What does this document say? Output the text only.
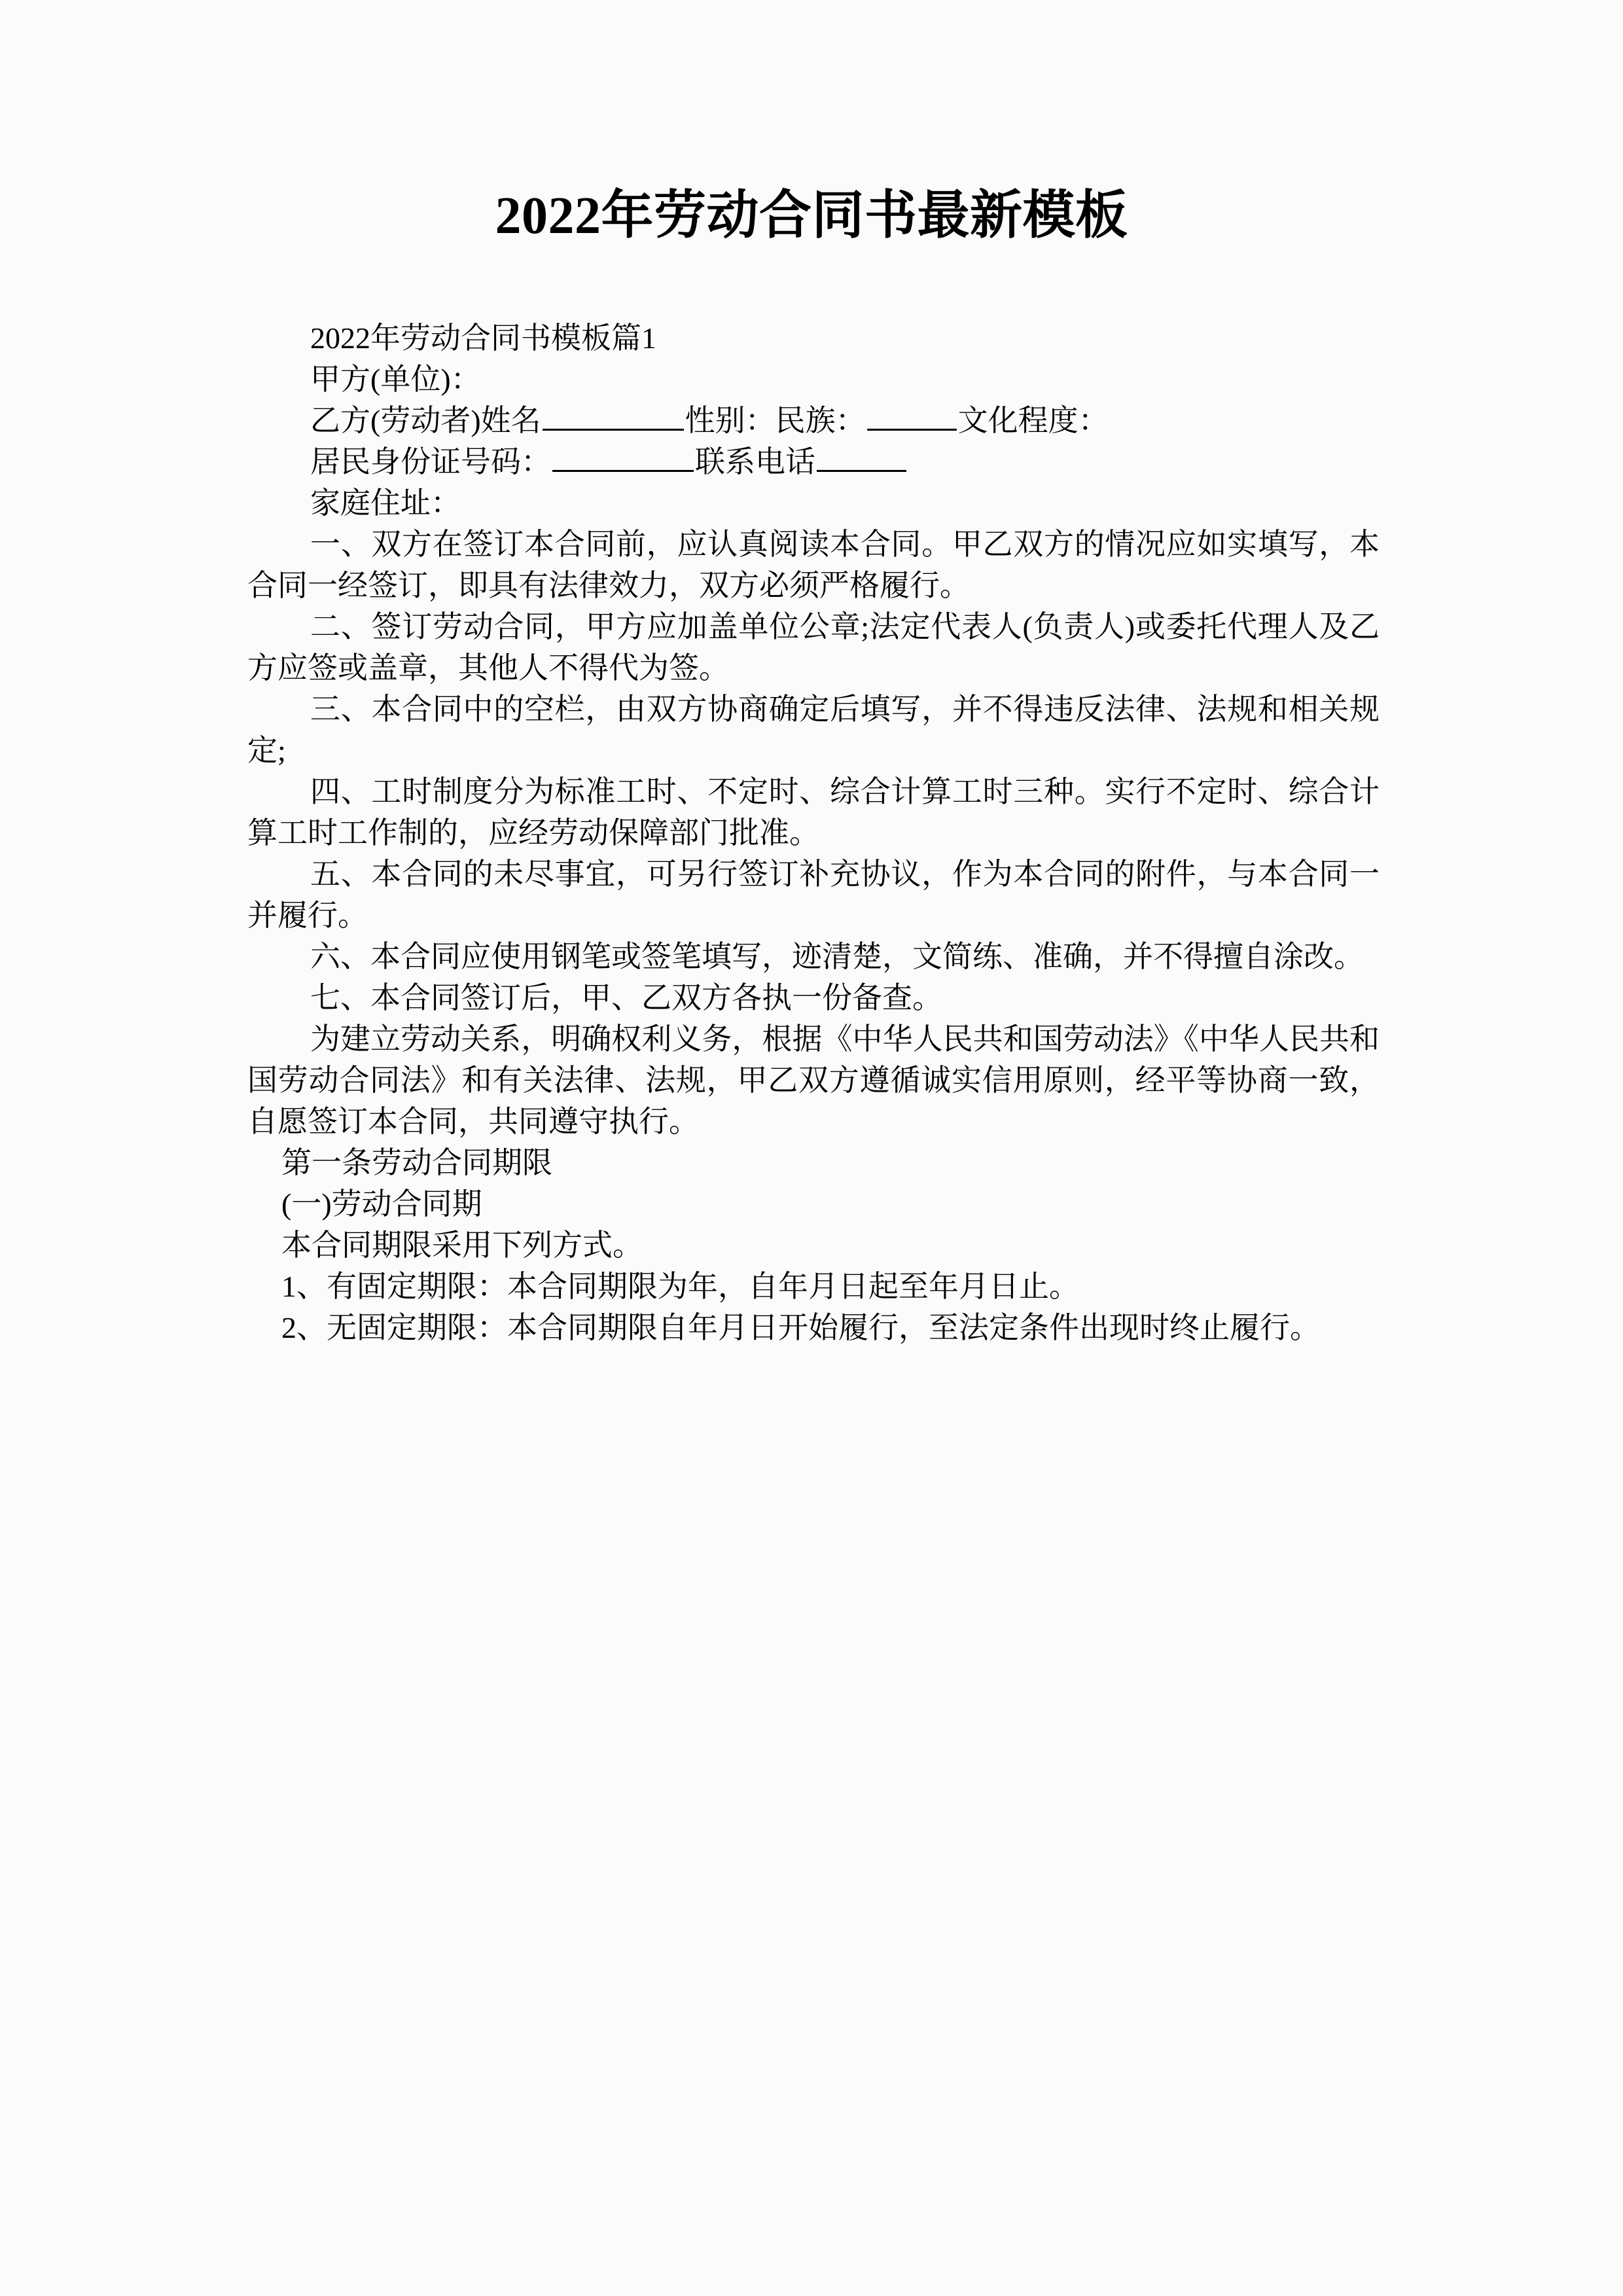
2022年劳动合同书最新模板

2022年劳动合同书模板篇1

甲方(单位)：

乙方(劳动者)姓名	性别：民族：	文化程度：

居民身份证号码：	联系电话

家庭住址：

一、双方在签订本合同前，应认真阅读本合同。甲乙双方的情况应如实填写，本合同一经签订，即具有法律效力，双方必须严格履行。

二、签订劳动合同，甲方应加盖单位公章;法定代表人(负责人)或委托代理人及乙方应签或盖章，其他人不得代为签。

三、本合同中的空栏，由双方协商确定后填写，并不得违反法律、法规和相关规定;

四、工时制度分为标准工时、不定时、综合计算工时三种。实行不定时、综合计算工时工作制的，应经劳动保障部门批准。

五、本合同的未尽事宜，可另行签订补充协议，作为本合同的附件，与本合同一并履行。

六、本合同应使用钢笔或签笔填写，迹清楚，文简练、准确，并不得擅自涂改。

七、本合同签订后，甲、乙双方各执一份备查。

为建立劳动关系，明确权利义务，根据《中华人民共和国劳动法》《中华人民共和国劳动合同法》和有关法律、法规，甲乙双方遵循诚实信用原则，经平等协商一致，自愿签订本合同，共同遵守执行。

第一条劳动合同期限

(一)劳动合同期

本合同期限采用下列方式。

1、有固定期限：本合同期限为年，自年月日起至年月日止。

2、无固定期限：本合同期限自年月日开始履行，至法定条件出现时终止履行。
